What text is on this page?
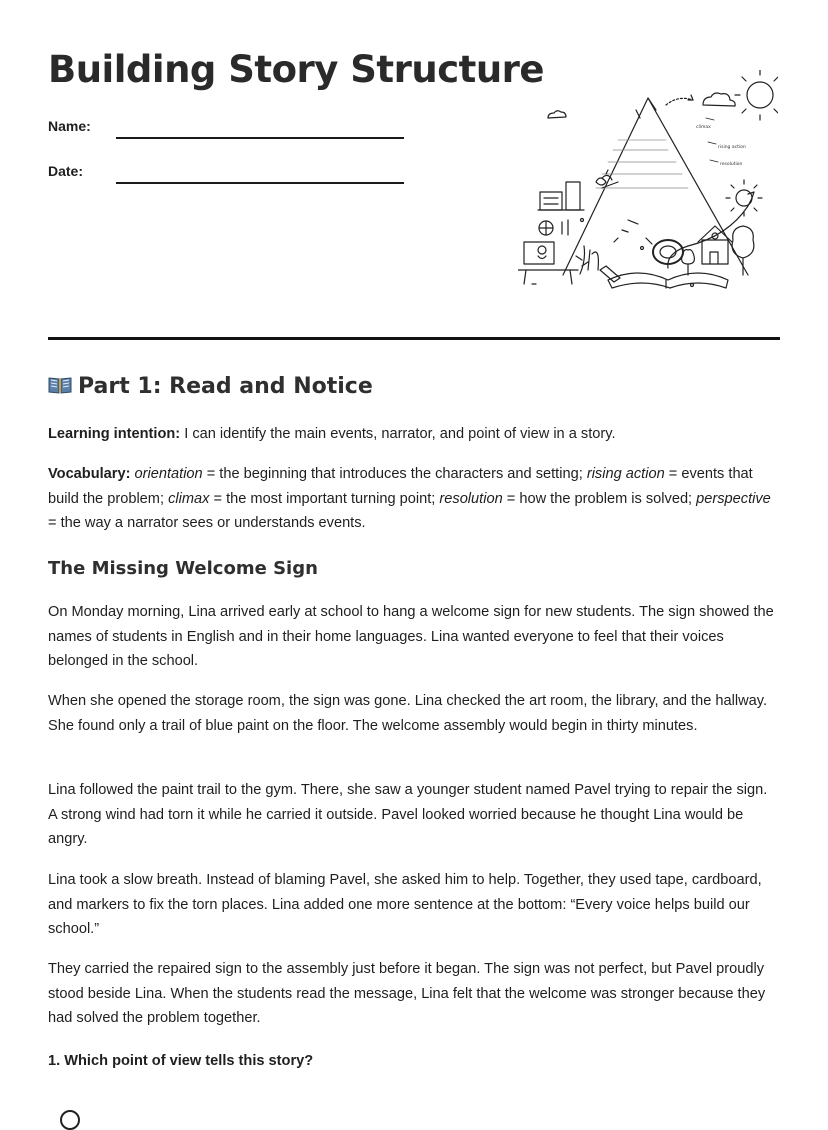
Building Story Structure
Name:
Date:
climax
rising action
resolution
Part 1: Read and Notice

Learning intention: I can identify the main events, narrator, and point of view in a story.

Vocabulary: orientation = the beginning that introduces the characters and setting; rising action = events that build the problem; climax = the most important turning point; resolution = how the problem is solved; perspective = the way a narrator sees or understands events.

The Missing Welcome Sign

On Monday morning, Lina arrived early at school to hang a welcome sign for new students. The sign showed the names of students in English and in their home languages. Lina wanted everyone to feel that their voices belonged in the school.

When she opened the storage room, the sign was gone. Lina checked the art room, the library, and the hallway. She found only a trail of blue paint on the floor. The welcome assembly would begin in thirty minutes.

Lina followed the paint trail to the gym. There, she saw a younger student named Pavel trying to repair the sign. A strong wind had torn it while he carried it outside. Pavel looked worried because he thought Lina would be angry.

Lina took a slow breath. Instead of blaming Pavel, she asked him to help. Together, they used tape, cardboard, and markers to fix the torn places. Lina added one more sentence at the bottom: “Every voice helps build our school.”

They carried the repaired sign to the assembly just before it began. The sign was not perfect, but Pavel proudly stood beside Lina. When the students read the message, Lina felt that the welcome was stronger because they had solved the problem together.

1. Which point of view tells this story?
